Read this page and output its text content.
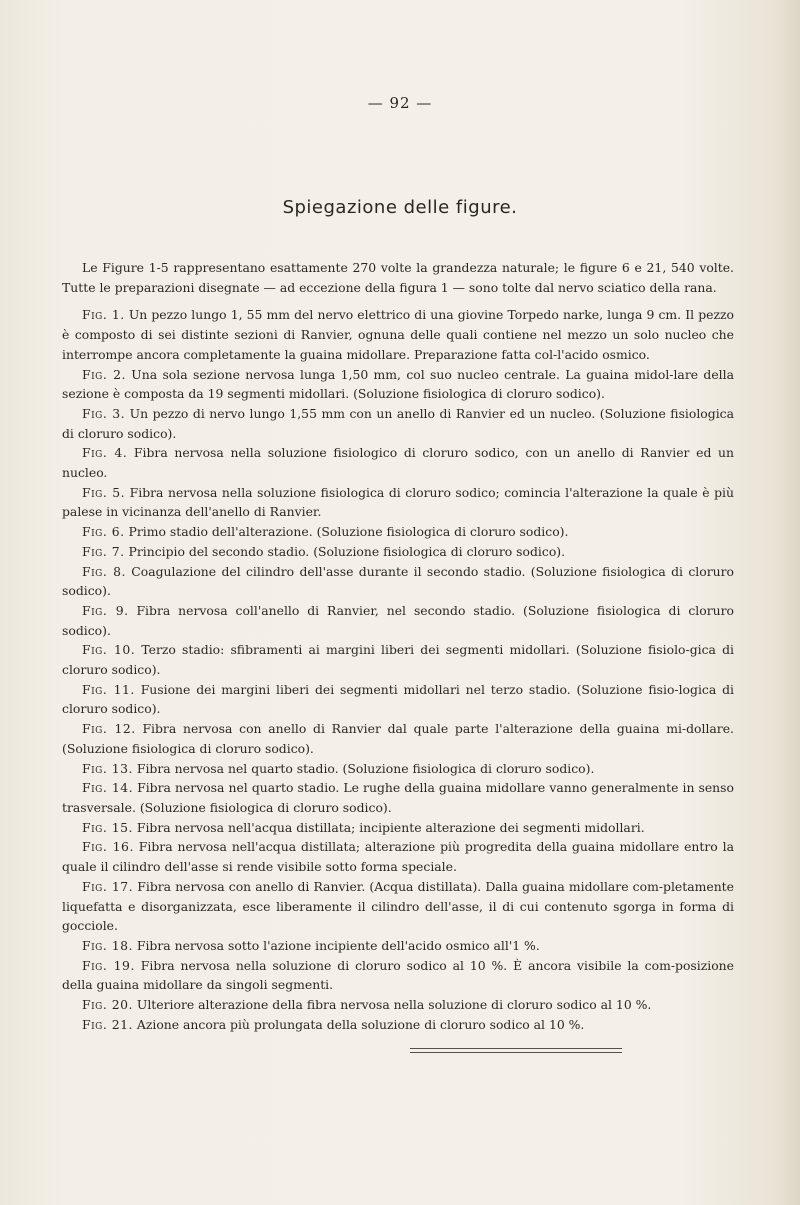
— 92 —
Spiegazione delle figure.

Le Figure 1-5 rappresentano esattamente 270 volte la grandezza naturale; le figure 6 e 21, 540 volte. Tutte le preparazioni disegnate — ad eccezione della figura 1 — sono tolte dal nervo sciatico della rana.

Fig. 1. Un pezzo lungo 1, 55 mm del nervo elettrico di una giovine Torpedo narke, lunga 9 cm. Il pezzo è composto di sei distinte sezioni di Ranvier, ognuna delle quali contiene nel mezzo un solo nucleo che interrompe ancora completamente la guaina midollare. Preparazione fatta col-l'acido osmico.

Fig. 2. Una sola sezione nervosa lunga 1,50 mm, col suo nucleo centrale. La guaina midol-lare della sezione è composta da 19 segmenti midollari. (Soluzione fisiologica di cloruro sodico).

Fig. 3. Un pezzo di nervo lungo 1,55 mm con un anello di Ranvier ed un nucleo. (Soluzione fisiologica di cloruro sodico).

Fig. 4. Fibra nervosa nella soluzione fisiologico di cloruro sodico, con un anello di Ranvier ed un nucleo.

Fig. 5. Fibra nervosa nella soluzione fisiologica di cloruro sodico; comincia l'alterazione la quale è più palese in vicinanza dell'anello di Ranvier.

Fig. 6. Primo stadio dell'alterazione. (Soluzione fisiologica di cloruro sodico).

Fig. 7. Principio del secondo stadio. (Soluzione fisiologica di cloruro sodico).

Fig. 8. Coagulazione del cilindro dell'asse durante il secondo stadio. (Soluzione fisiologica di cloruro sodico).

Fig. 9. Fibra nervosa coll'anello di Ranvier, nel secondo stadio. (Soluzione fisiologica di cloruro sodico).

Fig. 10. Terzo stadio: sfibramenti ai margini liberi dei segmenti midollari. (Soluzione fisiolo-gica di cloruro sodico).

Fig. 11. Fusione dei margini liberi dei segmenti midollari nel terzo stadio. (Soluzione fisio-logica di cloruro sodico).

Fig. 12. Fibra nervosa con anello di Ranvier dal quale parte l'alterazione della guaina mi-dollare. (Soluzione fisiologica di cloruro sodico).

Fig. 13. Fibra nervosa nel quarto stadio. (Soluzione fisiologica di cloruro sodico).

Fig. 14. Fibra nervosa nel quarto stadio. Le rughe della guaina midollare vanno generalmente in senso trasversale. (Soluzione fisiologica di cloruro sodico).

Fig. 15. Fibra nervosa nell'acqua distillata; incipiente alterazione dei segmenti midollari.

Fig. 16. Fibra nervosa nell'acqua distillata; alterazione più progredita della guaina midollare entro la quale il cilindro dell'asse si rende visibile sotto forma speciale.

Fig. 17. Fibra nervosa con anello di Ranvier. (Acqua distillata). Dalla guaina midollare com-pletamente liquefatta e disorganizzata, esce liberamente il cilindro dell'asse, il di cui contenuto sgorga in forma di gocciole.

Fig. 18. Fibra nervosa sotto l'azione incipiente dell'acido osmico all'1 %.

Fig. 19. Fibra nervosa nella soluzione di cloruro sodico al 10 %. È ancora visibile la com-posizione della guaina midollare da singoli segmenti.

Fig. 20. Ulteriore alterazione della fibra nervosa nella soluzione di cloruro sodico al 10 %.

Fig. 21. Azione ancora più prolungata della soluzione di cloruro sodico al 10 %.
